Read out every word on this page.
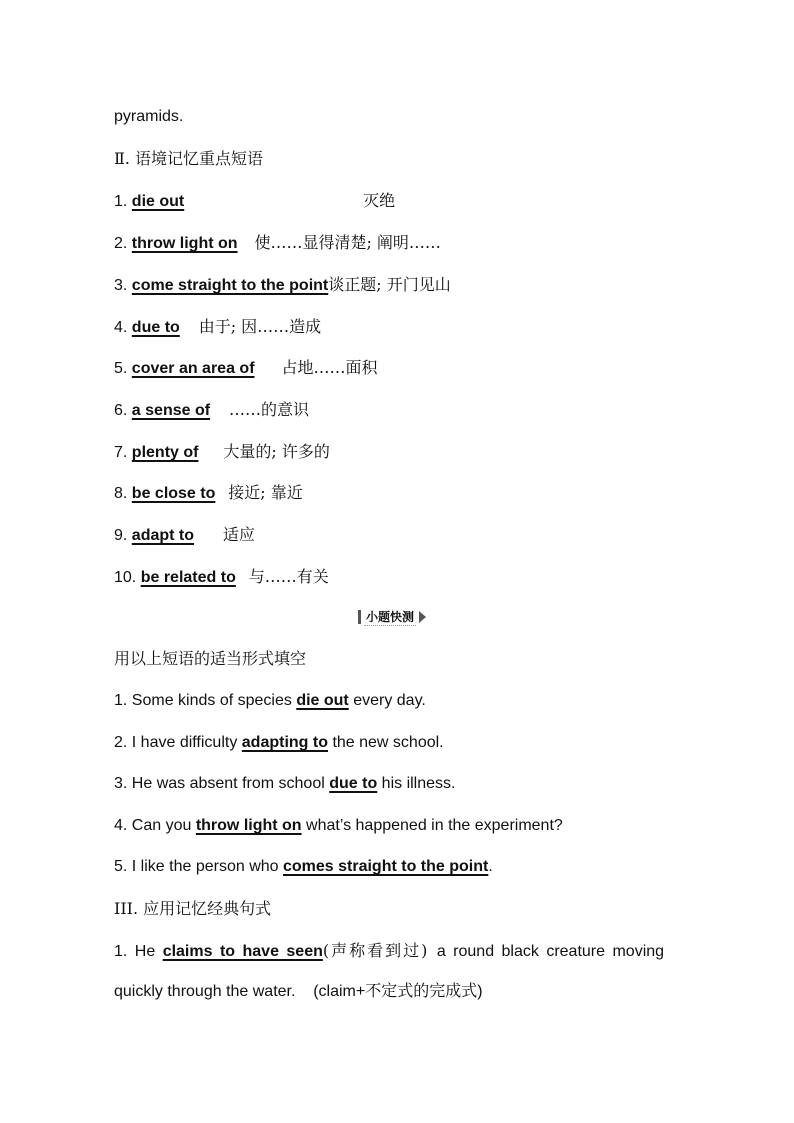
pyramids.
Ⅱ. 语境记忆重点短语
1. die out	灭绝
2. throw light on 使……显得清楚; 阐明……
3. come straight to the point谈正题; 开门见山
4. due to 由于; 因……造成
5. cover an area of 占地……面积
6. a sense of ……的意识
7. plenty of 大量的; 许多的
8. be close to 接近; 靠近
9. adapt to 适应
10. be related to 与……有关
小题快测
用以上短语的适当形式填空
1. Some kinds of species die out every day.
2. I have difficulty adapting to the new school.
3. He was absent from school due to his illness.
4. Can you throw light on what’s happened in the experiment?
5. I like the person who comes straight to the point.
III. 应用记忆经典句式
1. He claims to have seen(声称看到过) a round black creature moving
quickly through the water.    (claim+不定式的完成式)
